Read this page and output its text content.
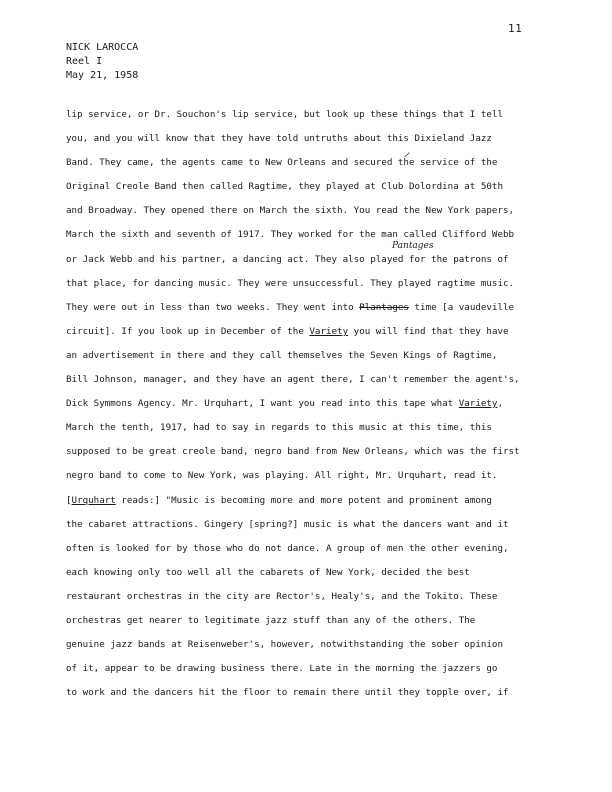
11
NICK LAROCCA
Reel I
May 21, 1958
Pantages
lip service, or Dr. Souchon's lip service, but look up these things that I tell
you, and you will know that they have told untruths about this Dixieland Jazz
Band. They came, the agents came to New Orleans and secured the service of the
Original Creole Band then called Ragtime, they played at Club Dolordina at 50th
and Broadway. They opened there on March the sixth. You read the New York papers,
March the sixth and seventh of 1917. They worked for the man called Clifford Webb
or Jack Webb and his partner, a dancing act. They also played for the patrons of
that place, for dancing music. They were unsuccessful. They played ragtime music.
They were out in less than two weeks. They went into Plantages time [a vaudeville
circuit]. If you look up in December of the Variety you will find that they have
an advertisement in there and they call themselves the Seven Kings of Ragtime,
Bill Johnson, manager, and they have an agent there, I can't remember the agent's,
Dick Symmons Agency. Mr. Urquhart, I want you read into this tape what Variety,
March the tenth, 1917, had to say in regards to this music at this time, this
supposed to be great creole band, negro band from New Orleans, which was the first
negro band to come to New York, was playing. All right, Mr. Urquhart, read it.
[Urquhart reads:] "Music is becoming more and more potent and prominent among
the cabaret attractions. Gingery [spring?] music is what the dancers want and it
often is looked for by those who do not dance. A group of men the other evening,
each knowing only too well all the cabarets of New York, decided the best
restaurant orchestras in the city are Rector's, Healy's, and the Tokito. These
orchestras get nearer to legitimate jazz stuff than any of the others. The
genuine jazz bands at Reisenweber's, however, notwithstanding the sober opinion
of it, appear to be drawing business there. Late in the morning the jazzers go
to work and the dancers hit the floor to remain there until they topple over, if
